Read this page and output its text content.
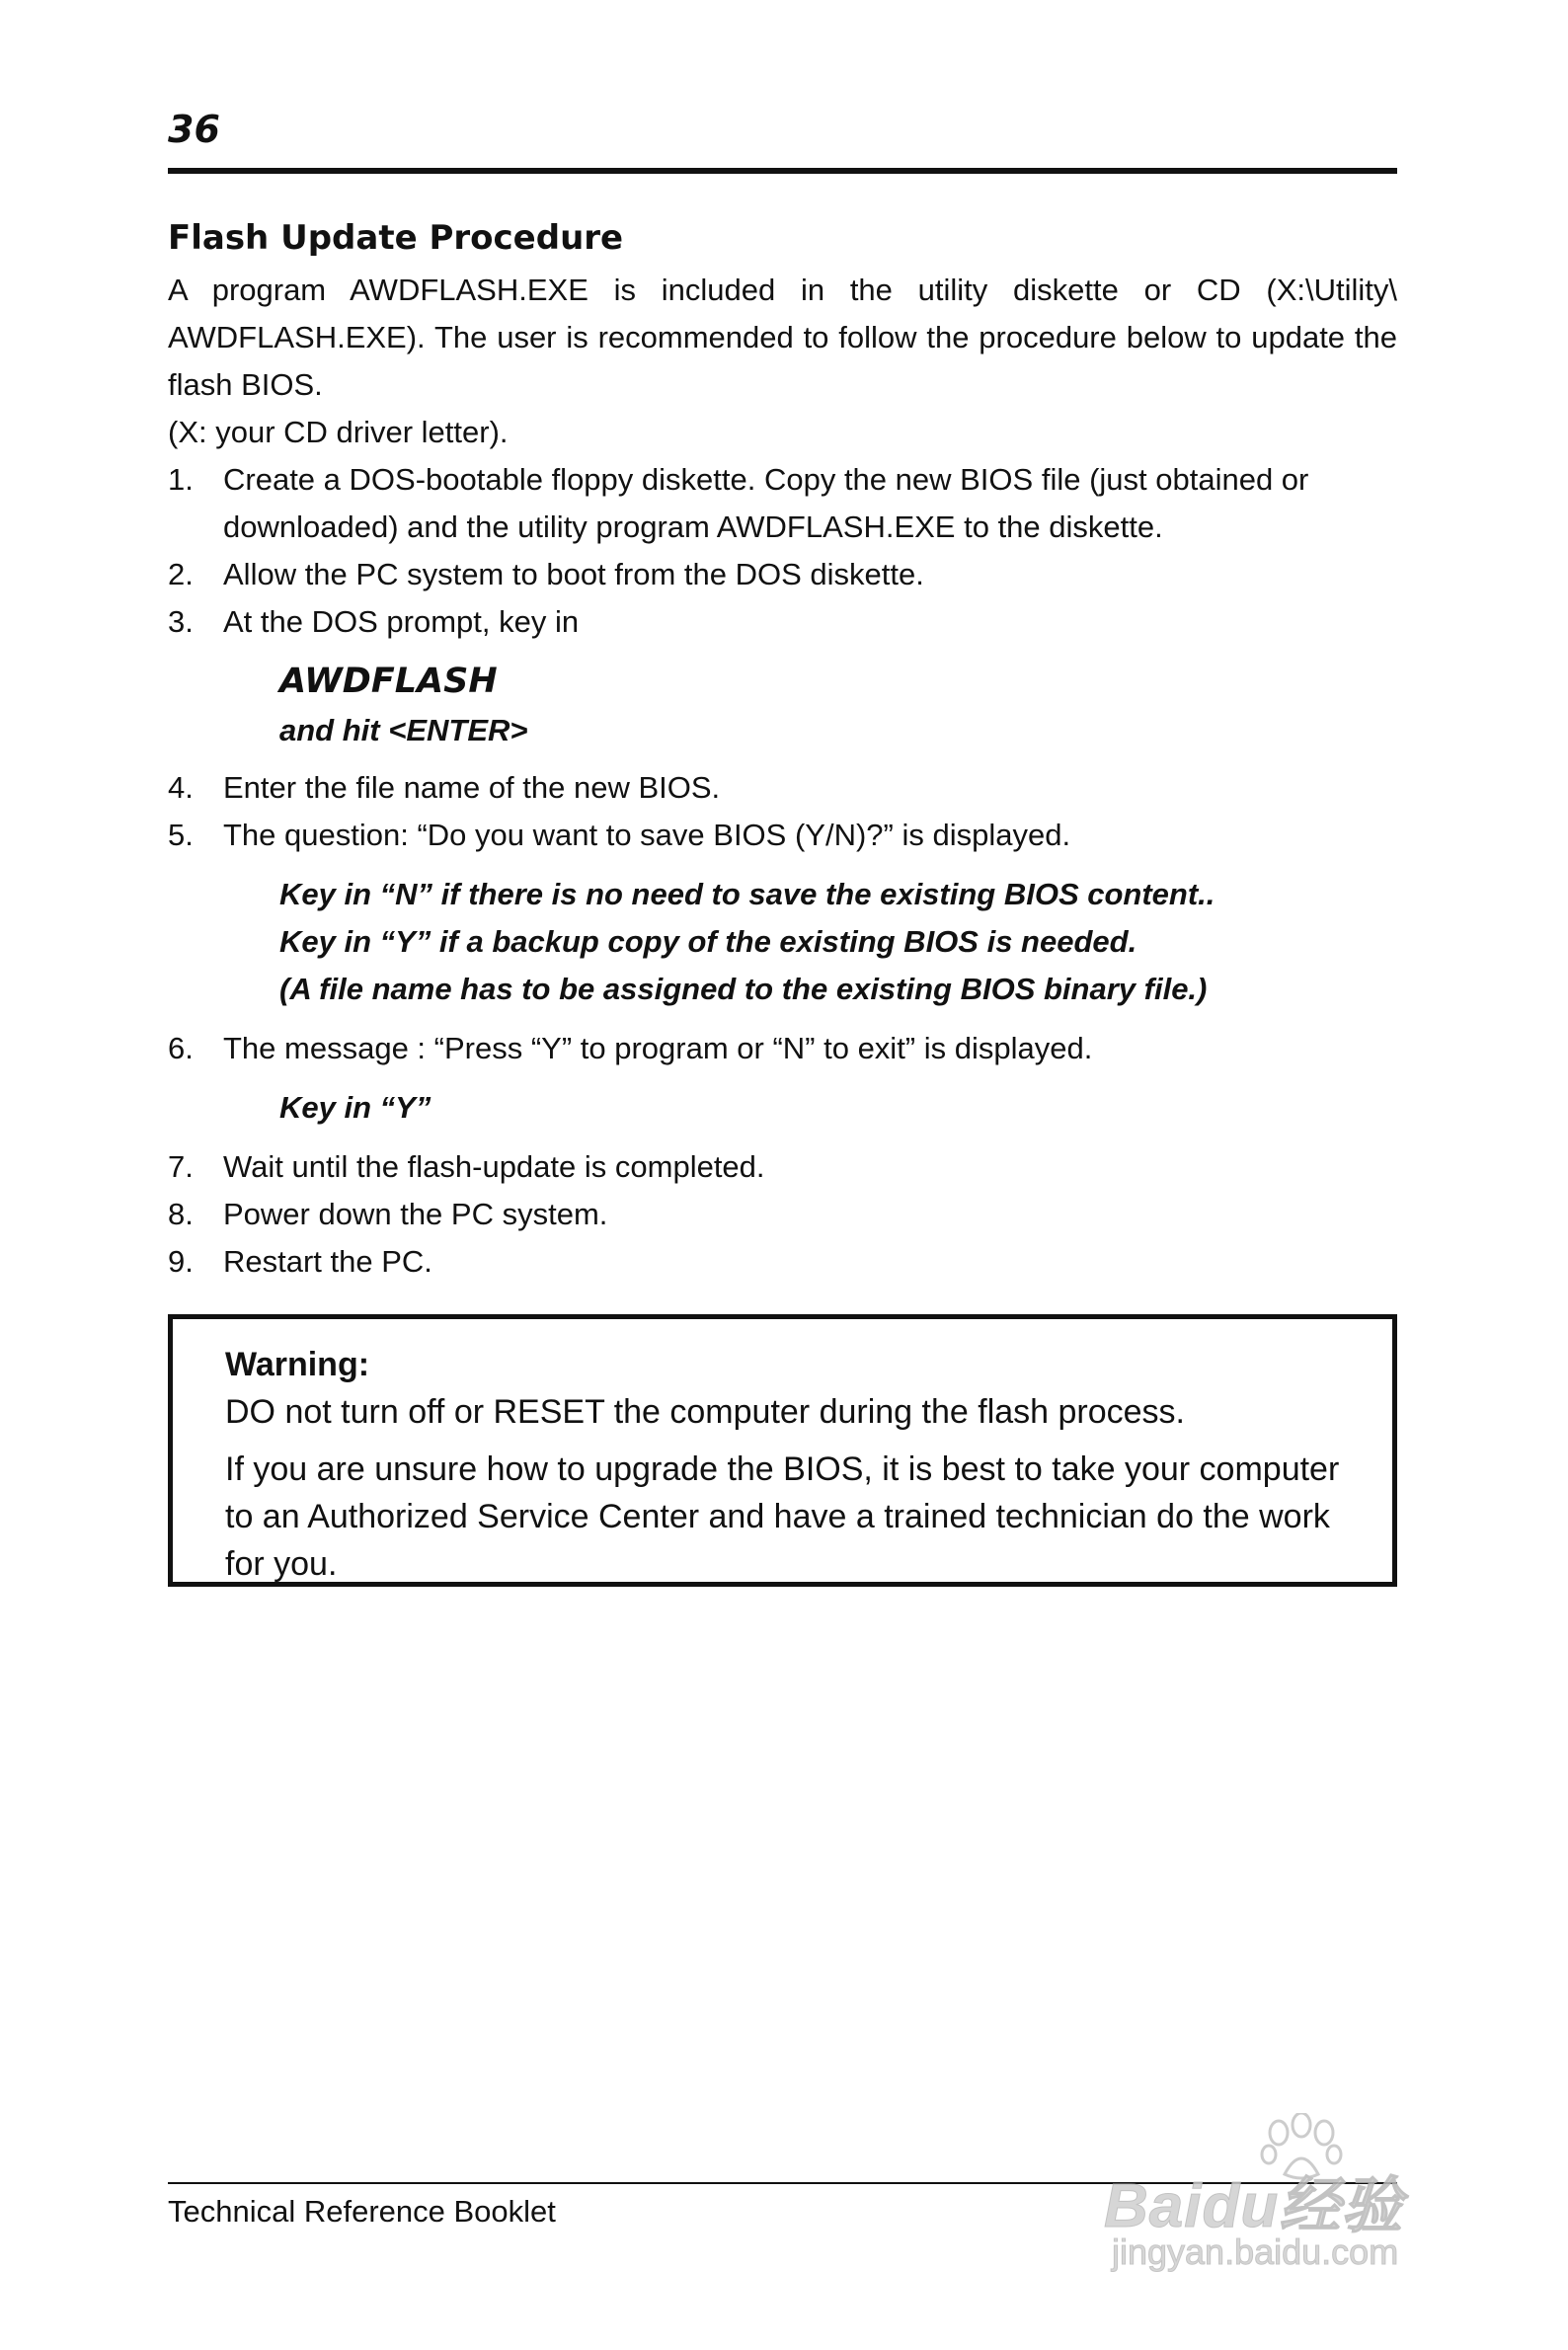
36
Flash Update Procedure

A program AWDFLASH.EXE is included in the utility diskette or CD (X:\Utility\ AWDFLASH.EXE). The user is recommended to follow the procedure below to update the flash BIOS.

(X: your CD driver letter).

1. Create a DOS-bootable floppy diskette. Copy the new BIOS file (just obtained or downloaded) and the utility program AWDFLASH.EXE to the diskette.
2. Allow the PC system to boot from the DOS diskette.
3. At the DOS prompt, key in
AWDFLASH
and hit <ENTER>
4. Enter the file name of the new BIOS.
5. The question: “Do you want to save BIOS (Y/N)?” is displayed.
Key in “N” if there is no need to save the existing BIOS content..
Key in “Y” if a backup copy of the existing BIOS is needed.
(A file name has to be assigned to the existing BIOS binary file.)
6. The message : “Press “Y” to program or “N” to exit” is displayed.
Key in “Y”
7. Wait until the flash-update is completed.
8. Power down the PC system.
9. Restart the PC.
Warning:
DO not turn off or RESET the computer during the flash process.
If you are unsure how to upgrade the BIOS, it is best to take your computer to an Authorized Service Center and have a trained technician do the work for you.
Technical Reference Booklet	Baidu经验
jingyan.baidu.com
